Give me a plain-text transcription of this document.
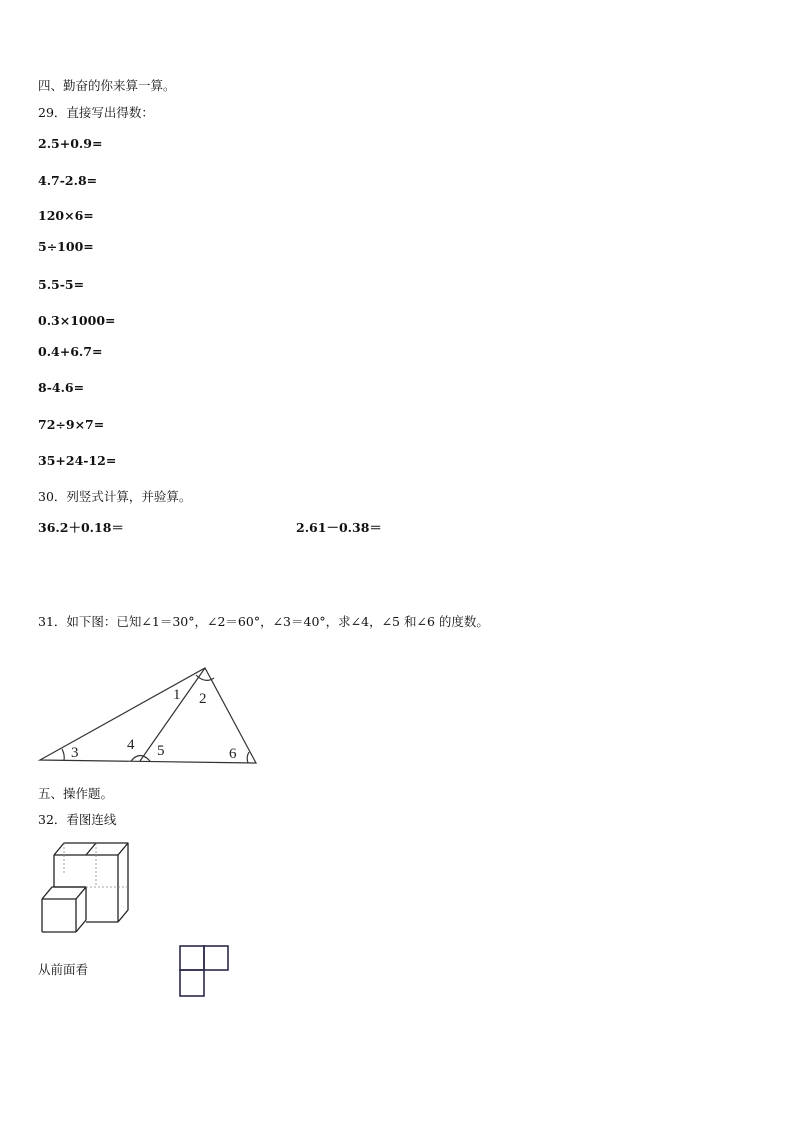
四、勤奋的你来算一算。
29．直接写出得数：
2.5+0.9=
4.7-2.8=
120×6=
5÷100=
5.5-5=
0.3×1000=
0.4+6.7=
8-4.6=
72÷9×7=
35+24-12=
30．列竖式计算，并验算。
36.2＋0.18＝	2.61－0.38＝
31．如下图：已知∠1＝30°，∠2＝60°，∠3＝40°，求∠4，∠5 和∠6 的度数。
1 2
3	4 5	6
五、操作题。
32．看图连线
从前面看
